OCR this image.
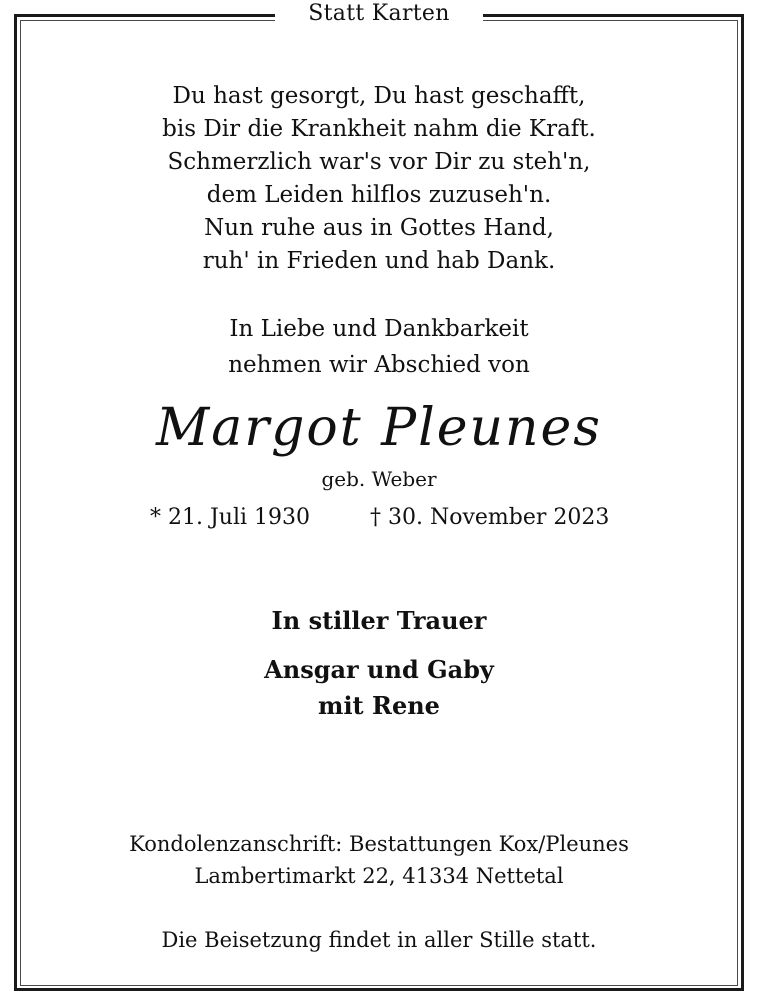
Statt Karten
Du hast gesorgt, Du hast geschafft,
bis Dir die Krankheit nahm die Kraft.
Schmerzlich war's vor Dir zu steh'n,
dem Leiden hilflos zuzuseh'n.
Nun ruhe aus in Gottes Hand,
ruh' in Frieden und hab Dank.
In Liebe und Dankbarkeit
nehmen wir Abschied von
Margot Pleunes
geb. Weber
* 21. Juli 1930	† 30. November 2023
In stiller Trauer
Ansgar und Gaby
mit Rene
Kondolenzanschrift: Bestattungen Kox/Pleunes
Lambertimarkt 22, 41334 Nettetal
Die Beisetzung findet in aller Stille statt.
